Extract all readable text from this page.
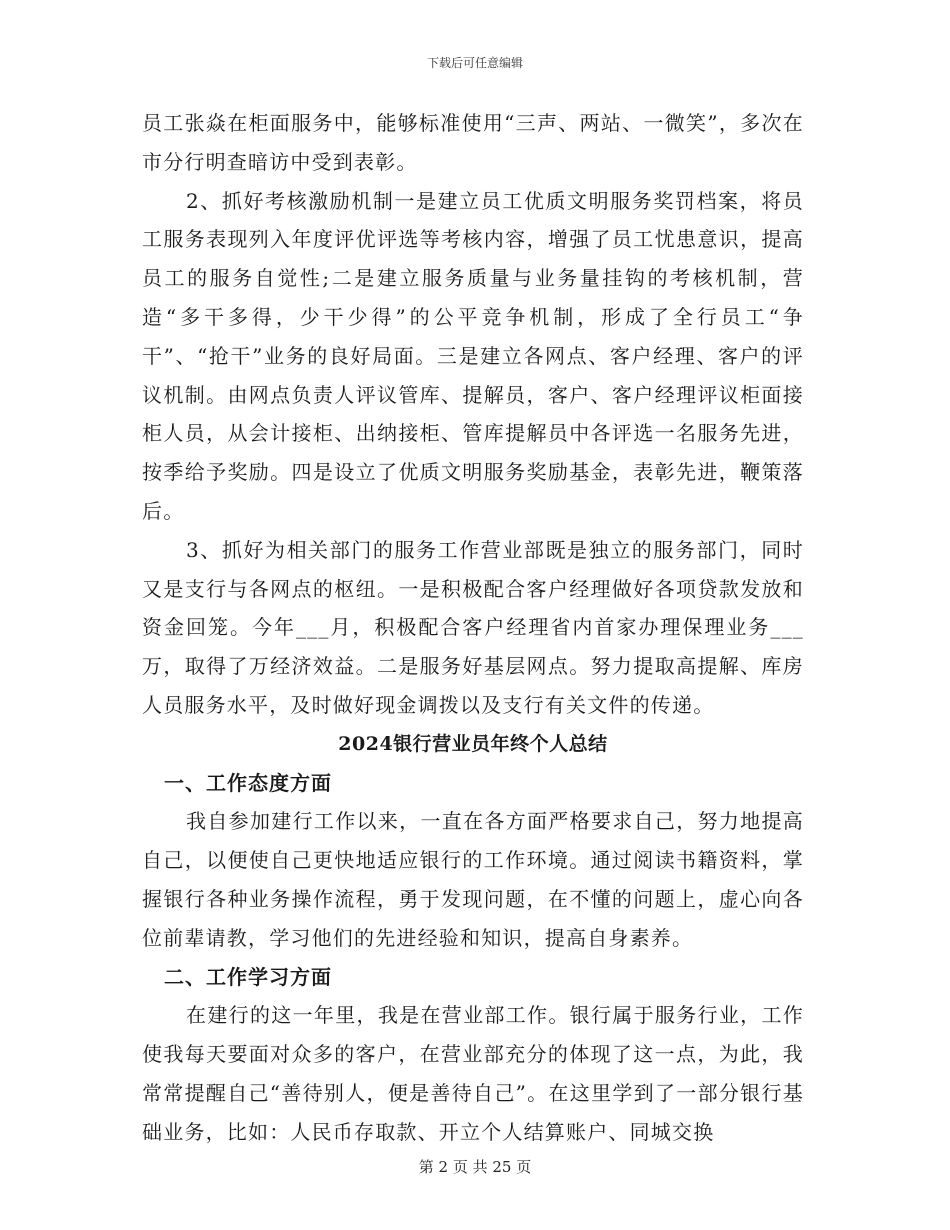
下载后可任意编辑

员工张焱在柜面服务中，能够标准使用“三声、两站、一微笑”，多次在市分行明查暗访中受到表彰。

2、抓好考核激励机制一是建立员工优质文明服务奖罚档案，将员工服务表现列入年度评优评选等考核内容，增强了员工忧患意识，提高员工的服务自觉性;二是建立服务质量与业务量挂钩的考核机制，营造“多干多得，少干少得”的公平竞争机制，形成了全行员工“争干”、“抢干”业务的良好局面。三是建立各网点、客户经理、客户的评议机制。由网点负责人评议管库、提解员，客户、客户经理评议柜面接柜人员，从会计接柜、出纳接柜、管库提解员中各评选一名服务先进，按季给予奖励。四是设立了优质文明服务奖励基金，表彰先进，鞭策落后。

3、抓好为相关部门的服务工作营业部既是独立的服务部门，同时又是支行与各网点的枢纽。一是积极配合客户经理做好各项贷款发放和资金回笼。今年___月，积极配合客户经理省内首家办理保理业务___万，取得了万经济效益。二是服务好基层网点。努力提取高提解、库房人员服务水平，及时做好现金调拨以及支行有关文件的传递。

2024银行营业员年终个人总结
一、工作态度方面

我自参加建行工作以来，一直在各方面严格要求自己，努力地提高自己，以便使自己更快地适应银行的工作环境。通过阅读书籍资料，掌握银行各种业务操作流程，勇于发现问题，在不懂的问题上，虚心向各位前辈请教，学习他们的先进经验和知识，提高自身素养。

二、工作学习方面

在建行的这一年里，我是在营业部工作。银行属于服务行业，工作使我每天要面对众多的客户，在营业部充分的体现了这一点，为此，我常常提醒自己“善待别人，便是善待自己”。在这里学到了一部分银行基础业务，比如：人民币存取款、开立个人结算账户、同城交换

第 2 页 共 25 页
